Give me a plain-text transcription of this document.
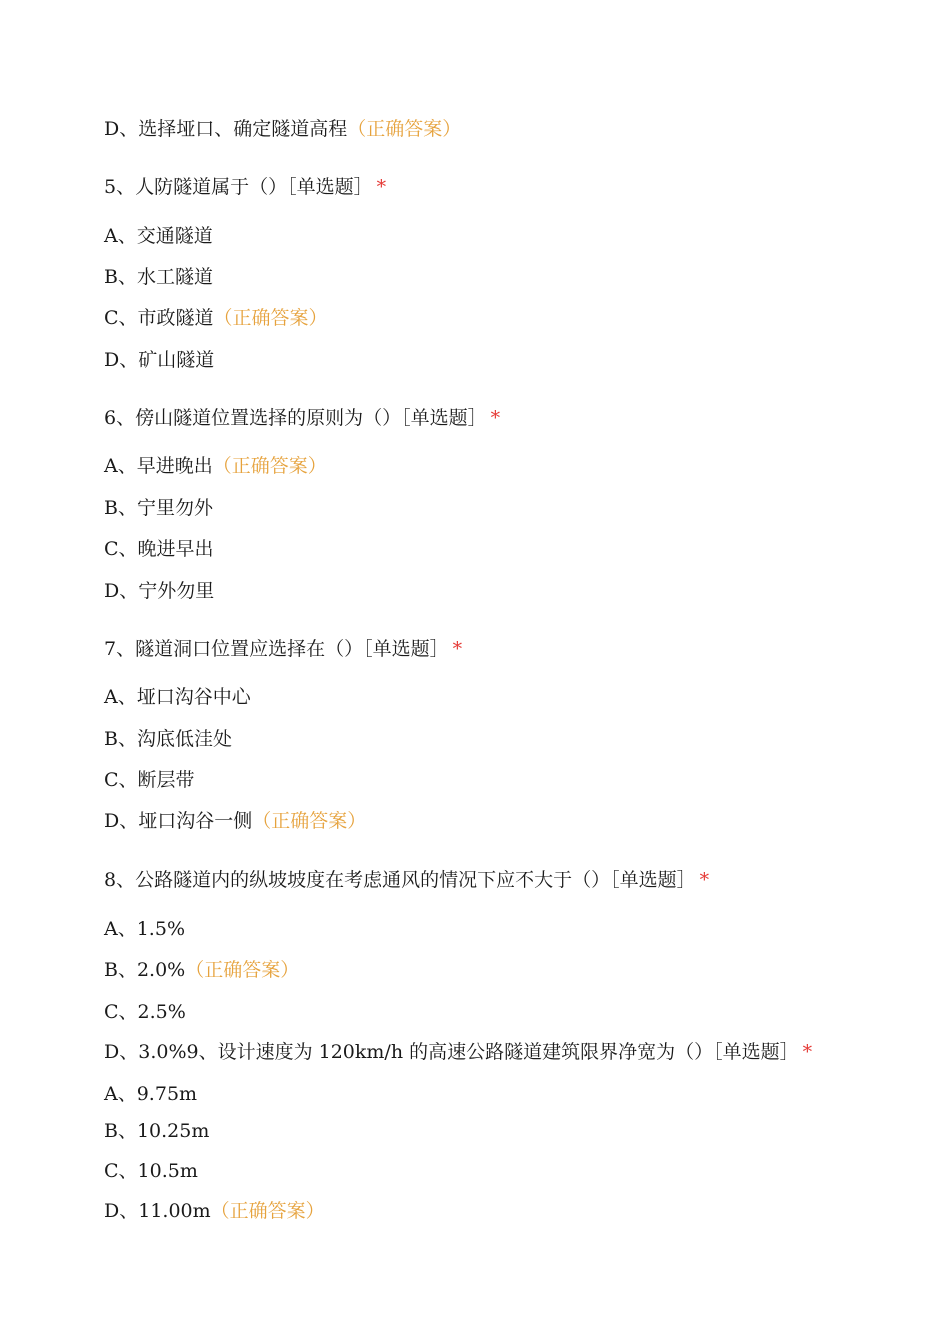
D、选择垭口、确定隧道高程（正确答案）
5、人防隧道属于（）［单选题］ *
A、交通隧道
B、水工隧道
C、市政隧道（正确答案）
D、矿山隧道
6、傍山隧道位置选择的原则为（）［单选题］ *
A、早进晚出（正确答案）
B、宁里勿外
C、晚进早出
D、宁外勿里
7、隧道洞口位置应选择在（）［单选题］ *
A、垭口沟谷中心
B、沟底低洼处
C、断层带
D、垭口沟谷一侧（正确答案）
8、公路隧道内的纵坡坡度在考虑通风的情况下应不大于（）［单选题］ *
A、1.5%
B、2.0%（正确答案）
C、2.5%
D、3.0%9、设计速度为 120km/h 的高速公路隧道建筑限界净宽为（）［单选题］ *
A、9.75m
B、10.25m
C、10.5m
D、11.00m（正确答案）
